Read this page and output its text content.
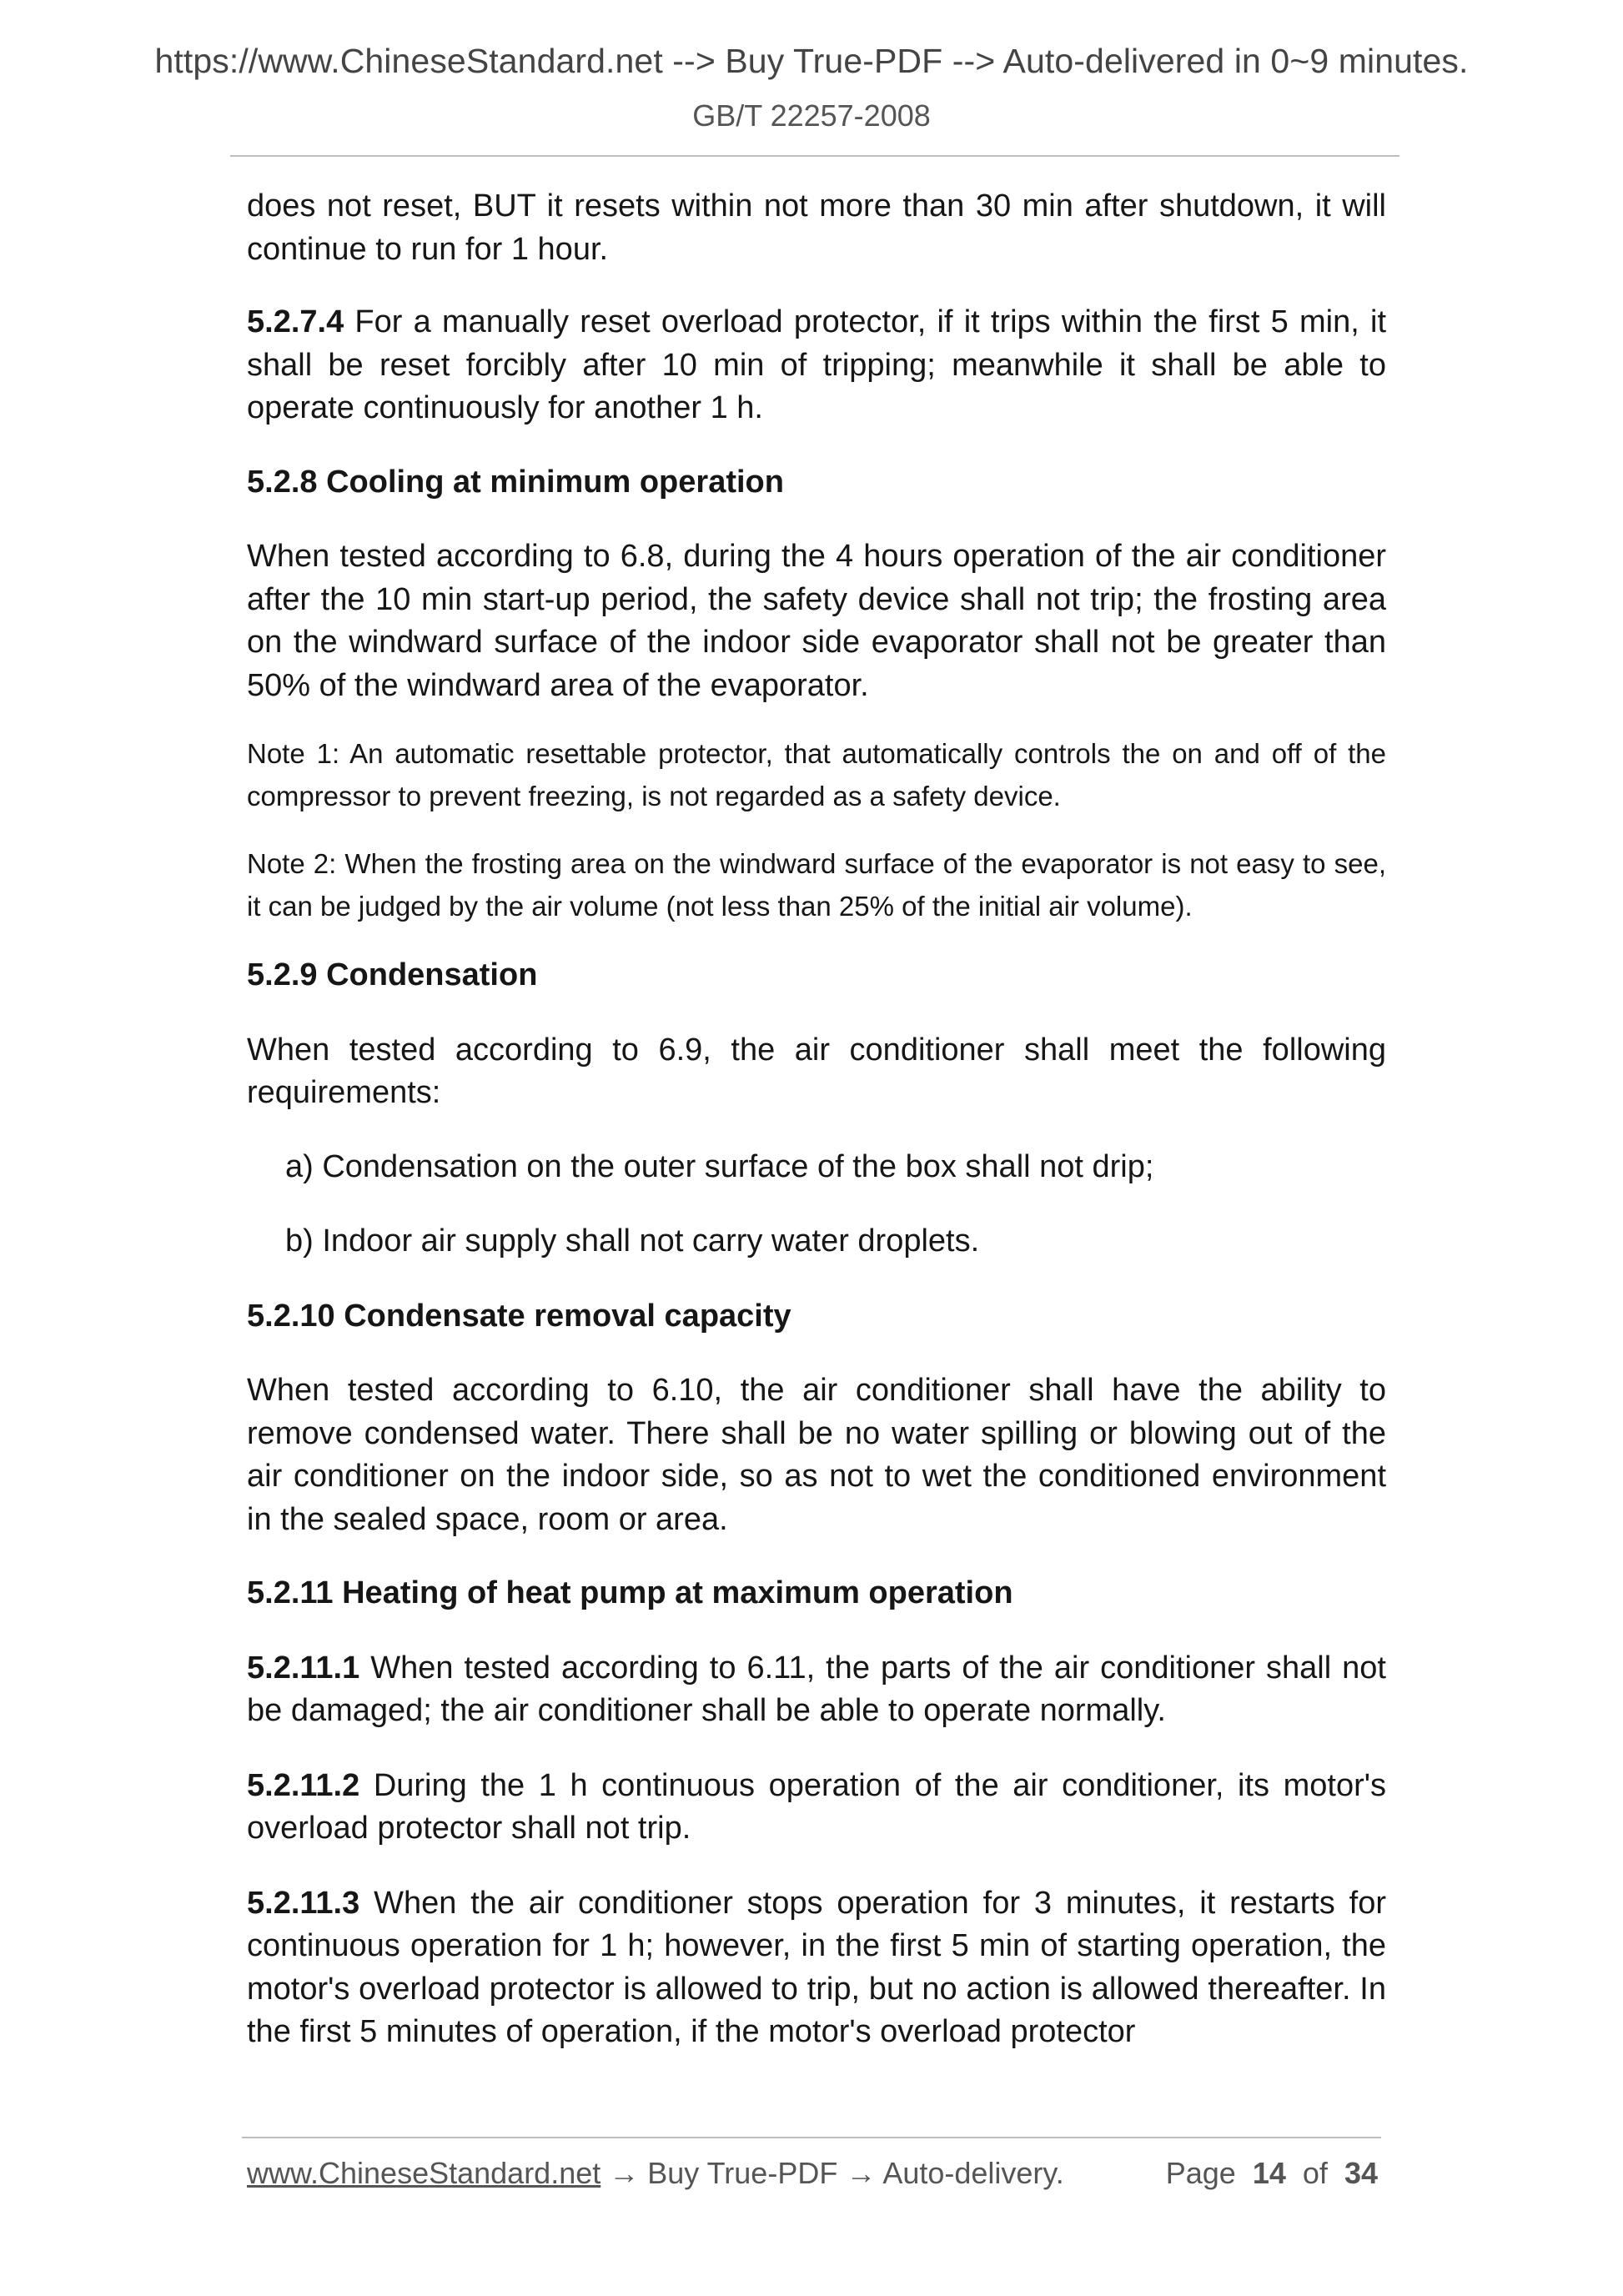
https://www.ChineseStandard.net --> Buy True-PDF --> Auto-delivered in 0~9 minutes.
GB/T 22257-2008

does not reset, BUT it resets within not more than 30 min after shutdown, it will continue to run for 1 hour.

5.2.7.4 For a manually reset overload protector, if it trips within the first 5 min, it shall be reset forcibly after 10 min of tripping; meanwhile it shall be able to operate continuously for another 1 h.

5.2.8 Cooling at minimum operation

When tested according to 6.8, during the 4 hours operation of the air conditioner after the 10 min start-up period, the safety device shall not trip; the frosting area on the windward surface of the indoor side evaporator shall not be greater than 50% of the windward area of the evaporator.

Note 1: An automatic resettable protector, that automatically controls the on and off of the compressor to prevent freezing, is not regarded as a safety device.

Note 2: When the frosting area on the windward surface of the evaporator is not easy to see, it can be judged by the air volume (not less than 25% of the initial air volume).

5.2.9 Condensation

When tested according to 6.9, the air conditioner shall meet the following requirements:

a) Condensation on the outer surface of the box shall not drip;

b) Indoor air supply shall not carry water droplets.

5.2.10 Condensate removal capacity

When tested according to 6.10, the air conditioner shall have the ability to remove condensed water. There shall be no water spilling or blowing out of the air conditioner on the indoor side, so as not to wet the conditioned environment in the sealed space, room or area.

5.2.11 Heating of heat pump at maximum operation

5.2.11.1 When tested according to 6.11, the parts of the air conditioner shall not be damaged; the air conditioner shall be able to operate normally.

5.2.11.2 During the 1 h continuous operation of the air conditioner, its motor's overload protector shall not trip.

5.2.11.3 When the air conditioner stops operation for 3 minutes, it restarts for continuous operation for 1 h; however, in the first 5 min of starting operation, the motor's overload protector is allowed to trip, but no action is allowed thereafter. In the first 5 minutes of operation, if the motor's overload protector

www.ChineseStandard.net → Buy True-PDF → Auto-delivery.	Page 14 of 34
